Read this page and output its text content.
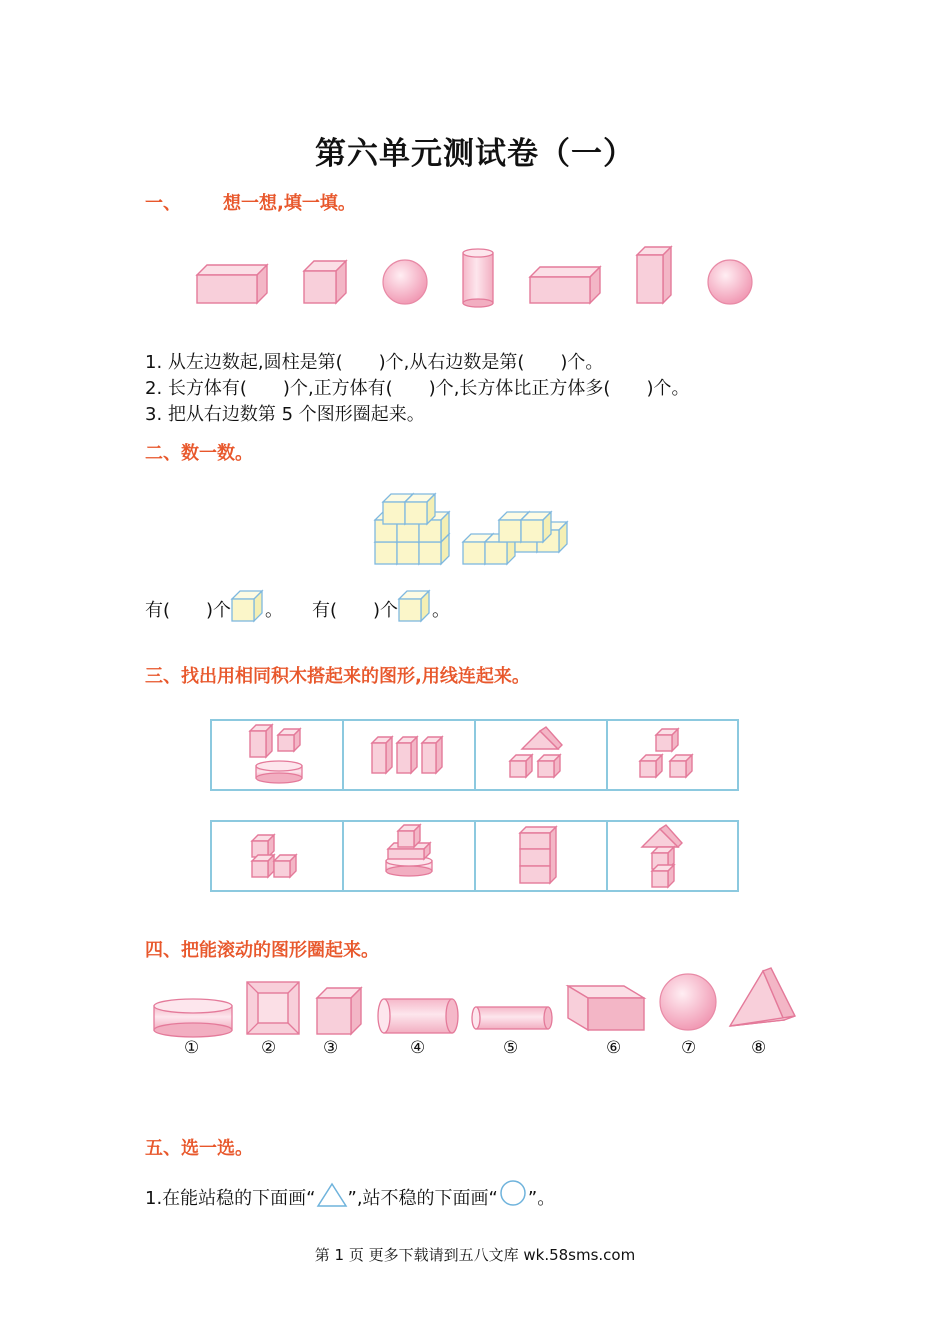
第六单元测试卷（一）
一、 想一想,填一填。
1. 从左边数起,圆柱是第(　　)个,从右边数是第(　　)个。
2. 长方体有(　　)个,正方体有(　　)个,长方体比正方体多(　　)个。
3. 把从右边数第 5 个图形圈起来。
二、数一数。
有(　　)个 。 有(　　)个 。
三、找出用相同积木搭起来的图形,用线连起来。
四、把能滚动的图形圈起来。
①	②	③	④	⑤	⑥	⑦	⑧
五、选一选。
1.在能站稳的下面画“ ”,站不稳的下面画“ ”。
第 1 页 更多下载请到五八文库 wk.58sms.com
